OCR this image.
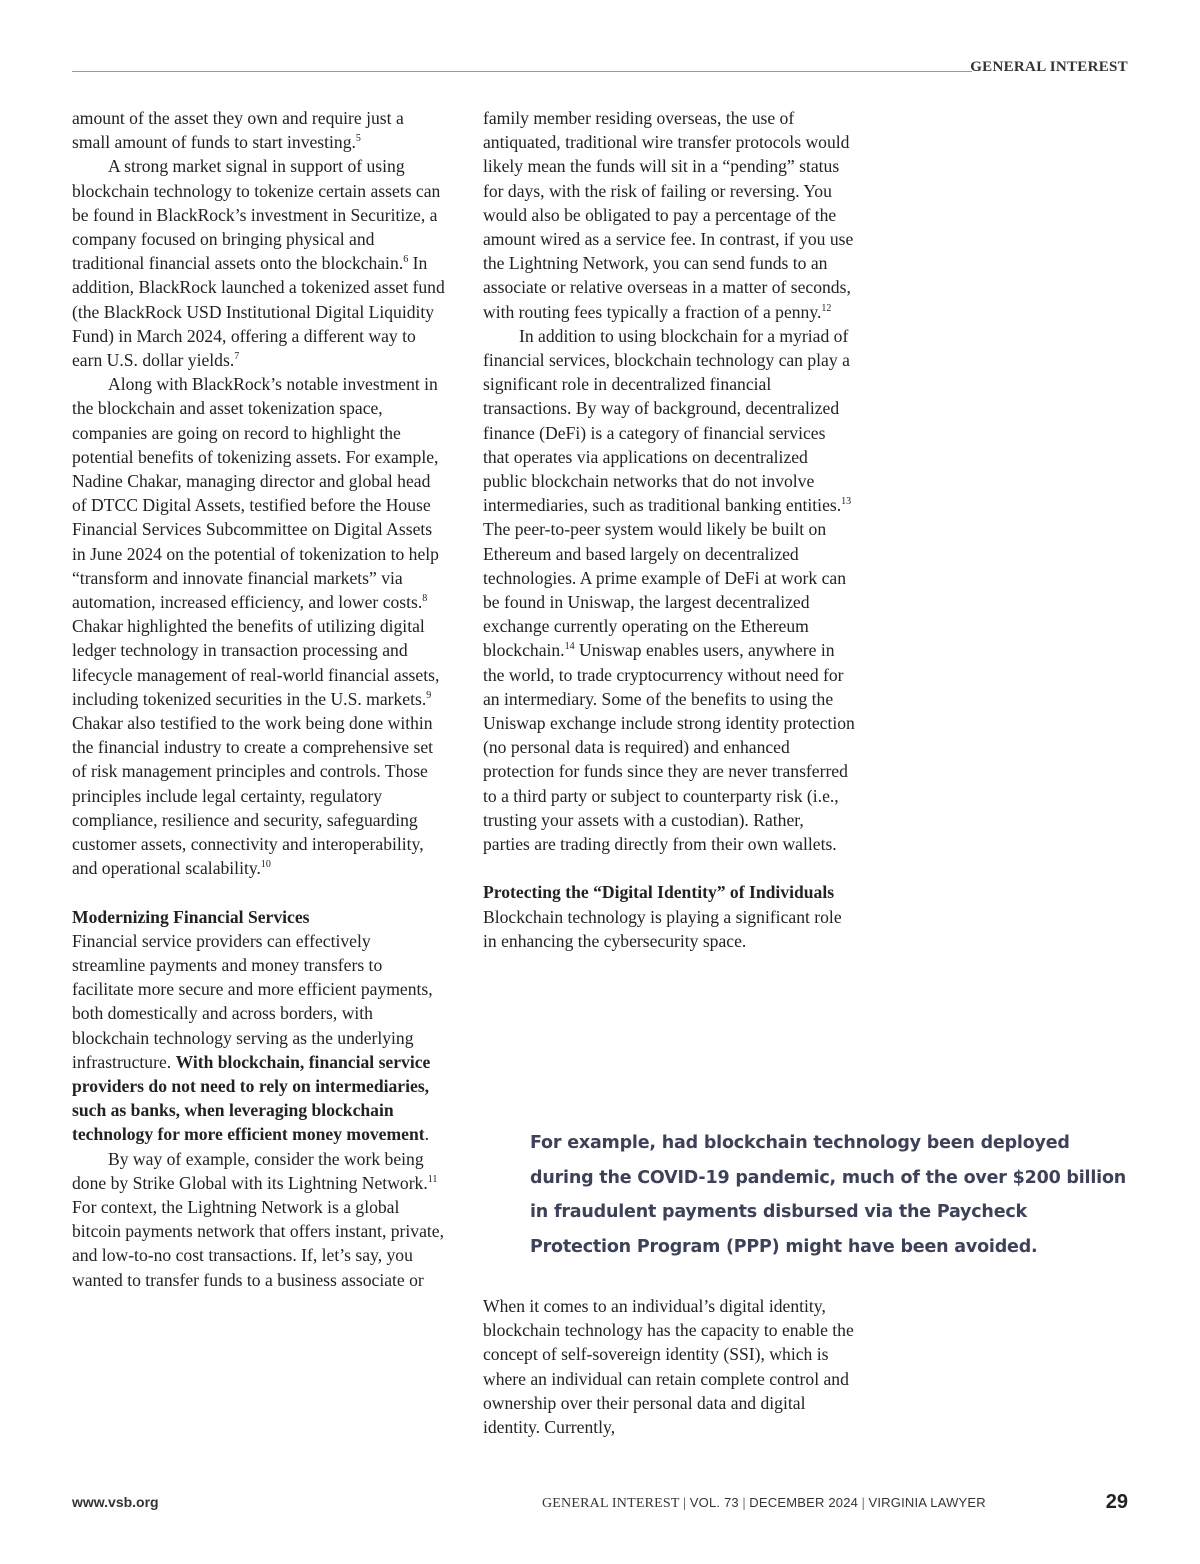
GENERAL INTEREST

amount of the asset they own and require just a small amount of funds to start investing.$^5$

A strong market signal in support of using blockchain technology to tokenize certain assets can be found in BlackRock’s investment in Securitize, a company focused on bringing physical and traditional financial assets onto the blockchain.$^6$ In addition, BlackRock launched a tokenized asset fund (the BlackRock USD Institutional Digital Liquidity Fund) in March 2024, offering a different way to earn U.S. dollar yields.$^7$

Along with BlackRock’s notable investment in the blockchain and asset tokenization space, companies are going on record to highlight the potential benefits of tokenizing assets. For example, Nadine Chakar, managing director and global head of DTCC Digital Assets, testified before the House Financial Services Subcommittee on Digital Assets in June 2024 on the potential of tokenization to help “transform and innovate financial markets” via automation, increased efficiency, and lower costs.$^8$ Chakar highlighted the benefits of utilizing digital ledger technology in transaction processing and lifecycle management of real-world financial assets, including tokenized securities in the U.S. markets.$^9$ Chakar also testified to the work being done within the financial industry to create a comprehensive set of risk management principles and controls. Those principles include legal certainty, regulatory compliance, resilience and security, safeguarding customer assets, connectivity and interoperability, and operational scalability.$^{10}$

Modernizing Financial Services

Financial service providers can effectively streamline payments and money transfers to facilitate more secure and more efficient payments, both domestically and across borders, with blockchain technology serving as the underlying infrastructure. With blockchain, financial service providers do not need to rely on intermediaries, such as banks, when leveraging blockchain technology for more efficient money movement.

By way of example, consider the work being done by Strike Global with its Lightning Network.$^{11}$ For context, the Lightning Network is a global bitcoin payments network that offers instant, private, and low-to-no cost transactions. If, let’s say, you wanted to transfer funds to a business associate or

family member residing overseas, the use of antiquated, traditional wire transfer protocols would likely mean the funds will sit in a “pending” status for days, with the risk of failing or reversing. You would also be obligated to pay a percentage of the amount wired as a service fee. In contrast, if you use the Lightning Network, you can send funds to an associate or relative overseas in a matter of seconds, with routing fees typically a fraction of a penny.$^{12}$

In addition to using blockchain for a myriad of financial services, blockchain technology can play a significant role in decentralized financial transactions. By way of background, decentralized finance (DeFi) is a category of financial services that operates via applications on decentralized public blockchain networks that do not involve intermediaries, such as traditional banking entities.$^{13}$ The peer-to-peer system would likely be built on Ethereum and based largely on decentralized technologies. A prime example of DeFi at work can be found in Uniswap, the largest decentralized exchange currently operating on the Ethereum blockchain.$^{14}$ Uniswap enables users, anywhere in the world, to trade cryptocurrency without need for an intermediary. Some of the benefits to using the Uniswap exchange include strong identity protection (no personal data is required) and enhanced protection for funds since they are never transferred to a third party or subject to counterparty risk (i.e., trusting your assets with a custodian). Rather, parties are trading directly from their own wallets.

Protecting the “Digital Identity” of Individuals

Blockchain technology is playing a significant role in enhancing the cybersecurity space.

For example, had blockchain technology been deployed during the COVID-19 pandemic, much of the over $200 billion in fraudulent payments disbursed via the Paycheck Protection Program (PPP) might have been avoided.

When it comes to an individual’s digital identity, blockchain technology has the capacity to enable the concept of self-sovereign identity (SSI), which is where an individual can retain complete control and ownership over their personal data and digital identity. Currently,

www.vsb.org	GENERAL INTEREST | VOL. 73 | DECEMBER 2024 | VIRGINIA LAWYER	29
